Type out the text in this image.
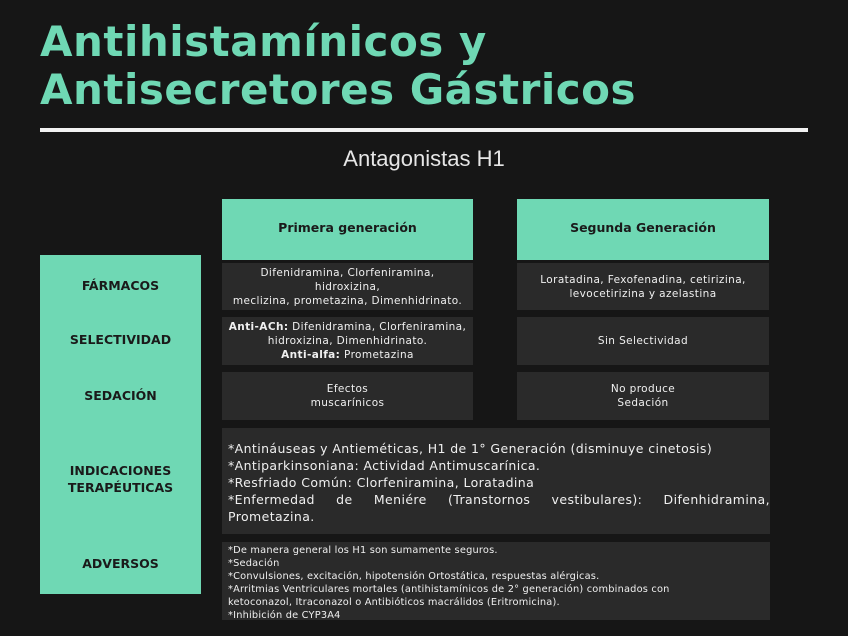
Antihistamínicos y
Antisecretores Gástricos
Antagonistas H1
Primera generación	Segunda Generación
FÁRMACOS
SELECTIVIDAD
SEDACIÓN
INDICACIONES
TERAPÉUTICAS
ADVERSOS
Difenidramina, Clorfeniramina, hidroxizina,
meclizina, prometazina, Dimenhidrinato.
Loratadina, Fexofenadina, cetirizina,
levocetirizina y azelastina
Anti-ACh: Difenidramina, Clorfeniramina,
hidroxizina, Dimenhidrinato.
Anti-alfa: Prometazina
Sin Selectividad
Efectos
muscarínicos
No produce
Sedación
*Antináuseas y Antieméticas, H1 de 1° Generación (disminuye cinetosis)
*Antiparkinsoniana: Actividad Antimuscarínica.
*Resfriado Común: Clorfeniramina, Loratadina
*Enfermedad de Meniére (Transtornos vestibulares): Difenhidramina,
Prometazina.
*De manera general los H1 son sumamente seguros.
*Sedación
*Convulsiones, excitación, hipotensión Ortostática, respuestas alérgicas.
*Arritmias Ventriculares mortales (antihistamínicos de 2° generación) combinados con
ketoconazol, Itraconazol o Antibióticos macrálidos (Eritromicina).
*Inhibición de CYP3A4
